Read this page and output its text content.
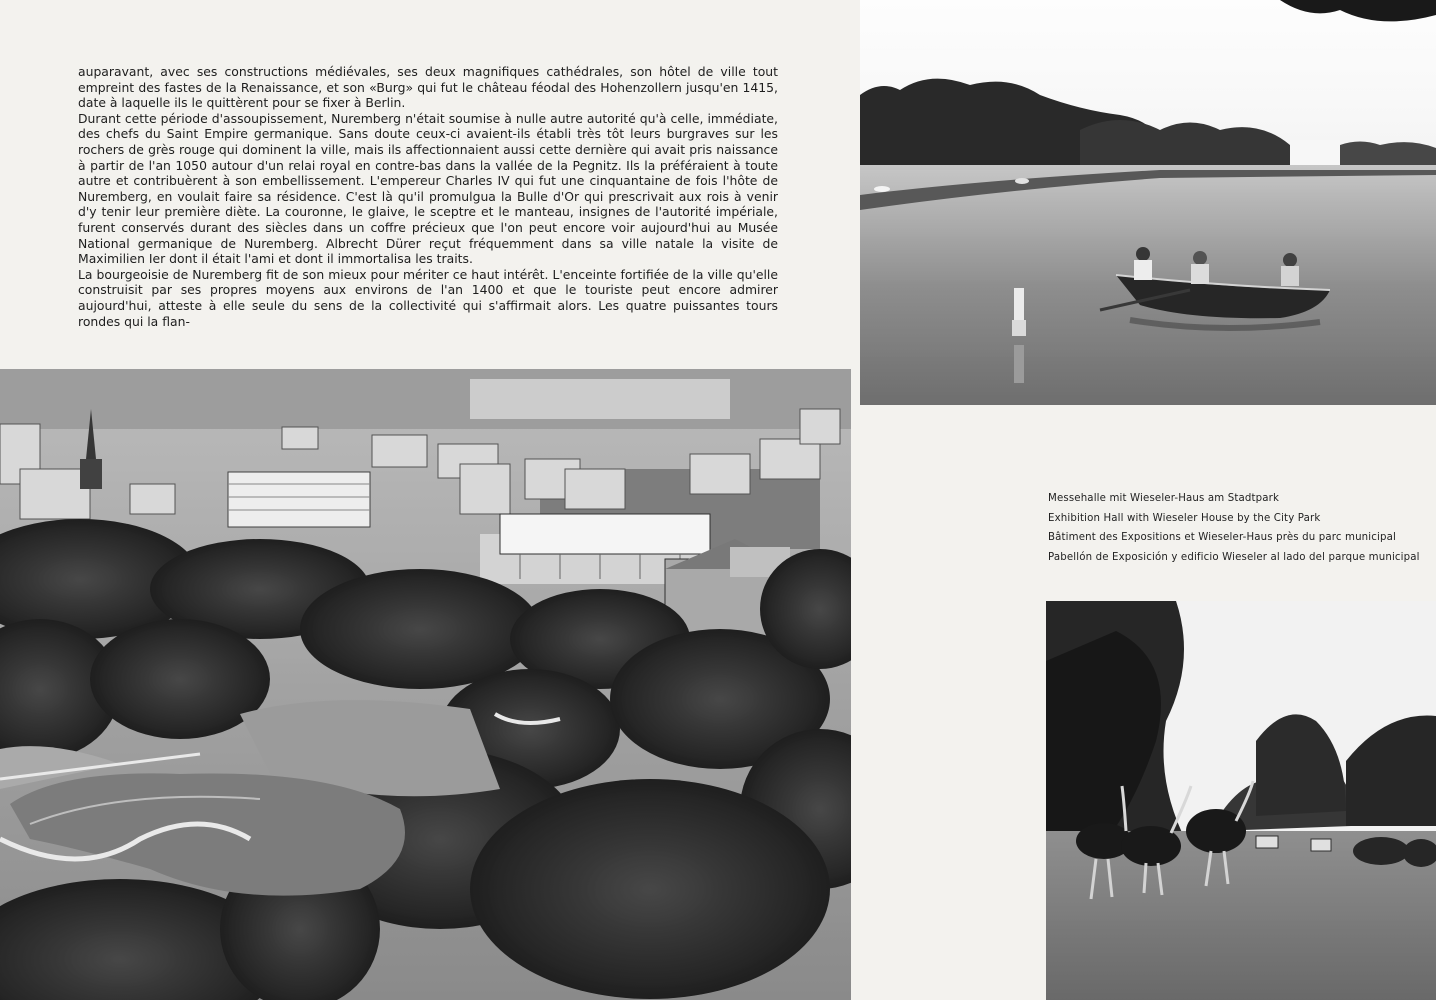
auparavant, avec ses constructions médiévales, ses deux magnifiques cathédrales, son hôtel de ville tout empreint des fastes de la Renaissance, et son «Burg» qui fut le château féodal des Hohenzollern jusqu'en 1415, date à laquelle ils le quittèrent pour se fixer à Berlin.

Durant cette période d'assoupissement, Nuremberg n'était soumise à nulle autre autorité qu'à celle, immédiate, des chefs du Saint Empire germanique. Sans doute ceux-ci avaient-ils établi très tôt leurs burgraves sur les rochers de grès rouge qui dominent la ville, mais ils affectionnaient aussi cette dernière qui avait pris naissance à partir de l'an 1050 autour d'un relai royal en contre-bas dans la vallée de la Pegnitz. Ils la préféraient à toute autre et contribuèrent à son embellissement. L'empereur Charles IV qui fut une cinquantaine de fois l'hôte de Nuremberg, en voulait faire sa résidence. C'est là qu'il promulgua la Bulle d'Or qui prescrivait aux rois à venir d'y tenir leur première diète. La couronne, le glaive, le sceptre et le manteau, insignes de l'autorité impériale, furent conservés durant des siècles dans un coffre précieux que l'on peut encore voir aujourd'hui au Musée National germanique de Nuremberg. Albrecht Dürer reçut fréquemment dans sa ville natale la visite de Maximilien Ier dont il était l'ami et dont il immortalisa les traits.

La bourgeoisie de Nuremberg fit de son mieux pour mériter ce haut intérêt. L'enceinte fortifiée de la ville qu'elle construisit par ses propres moyens aux environs de l'an 1400 et que le touriste peut encore admirer aujourd'hui, atteste à elle seule du sens de la collectivité qui s'affirmait alors. Les quatre puissantes tours rondes qui la flan-

Messehalle mit Wieseler-Haus am Stadtpark
Exhibition Hall with Wieseler House by the City Park
Bâtiment des Expositions et Wieseler-Haus près du parc municipal
Pabellón de Exposición y edificio Wieseler al lado del parque municipal
